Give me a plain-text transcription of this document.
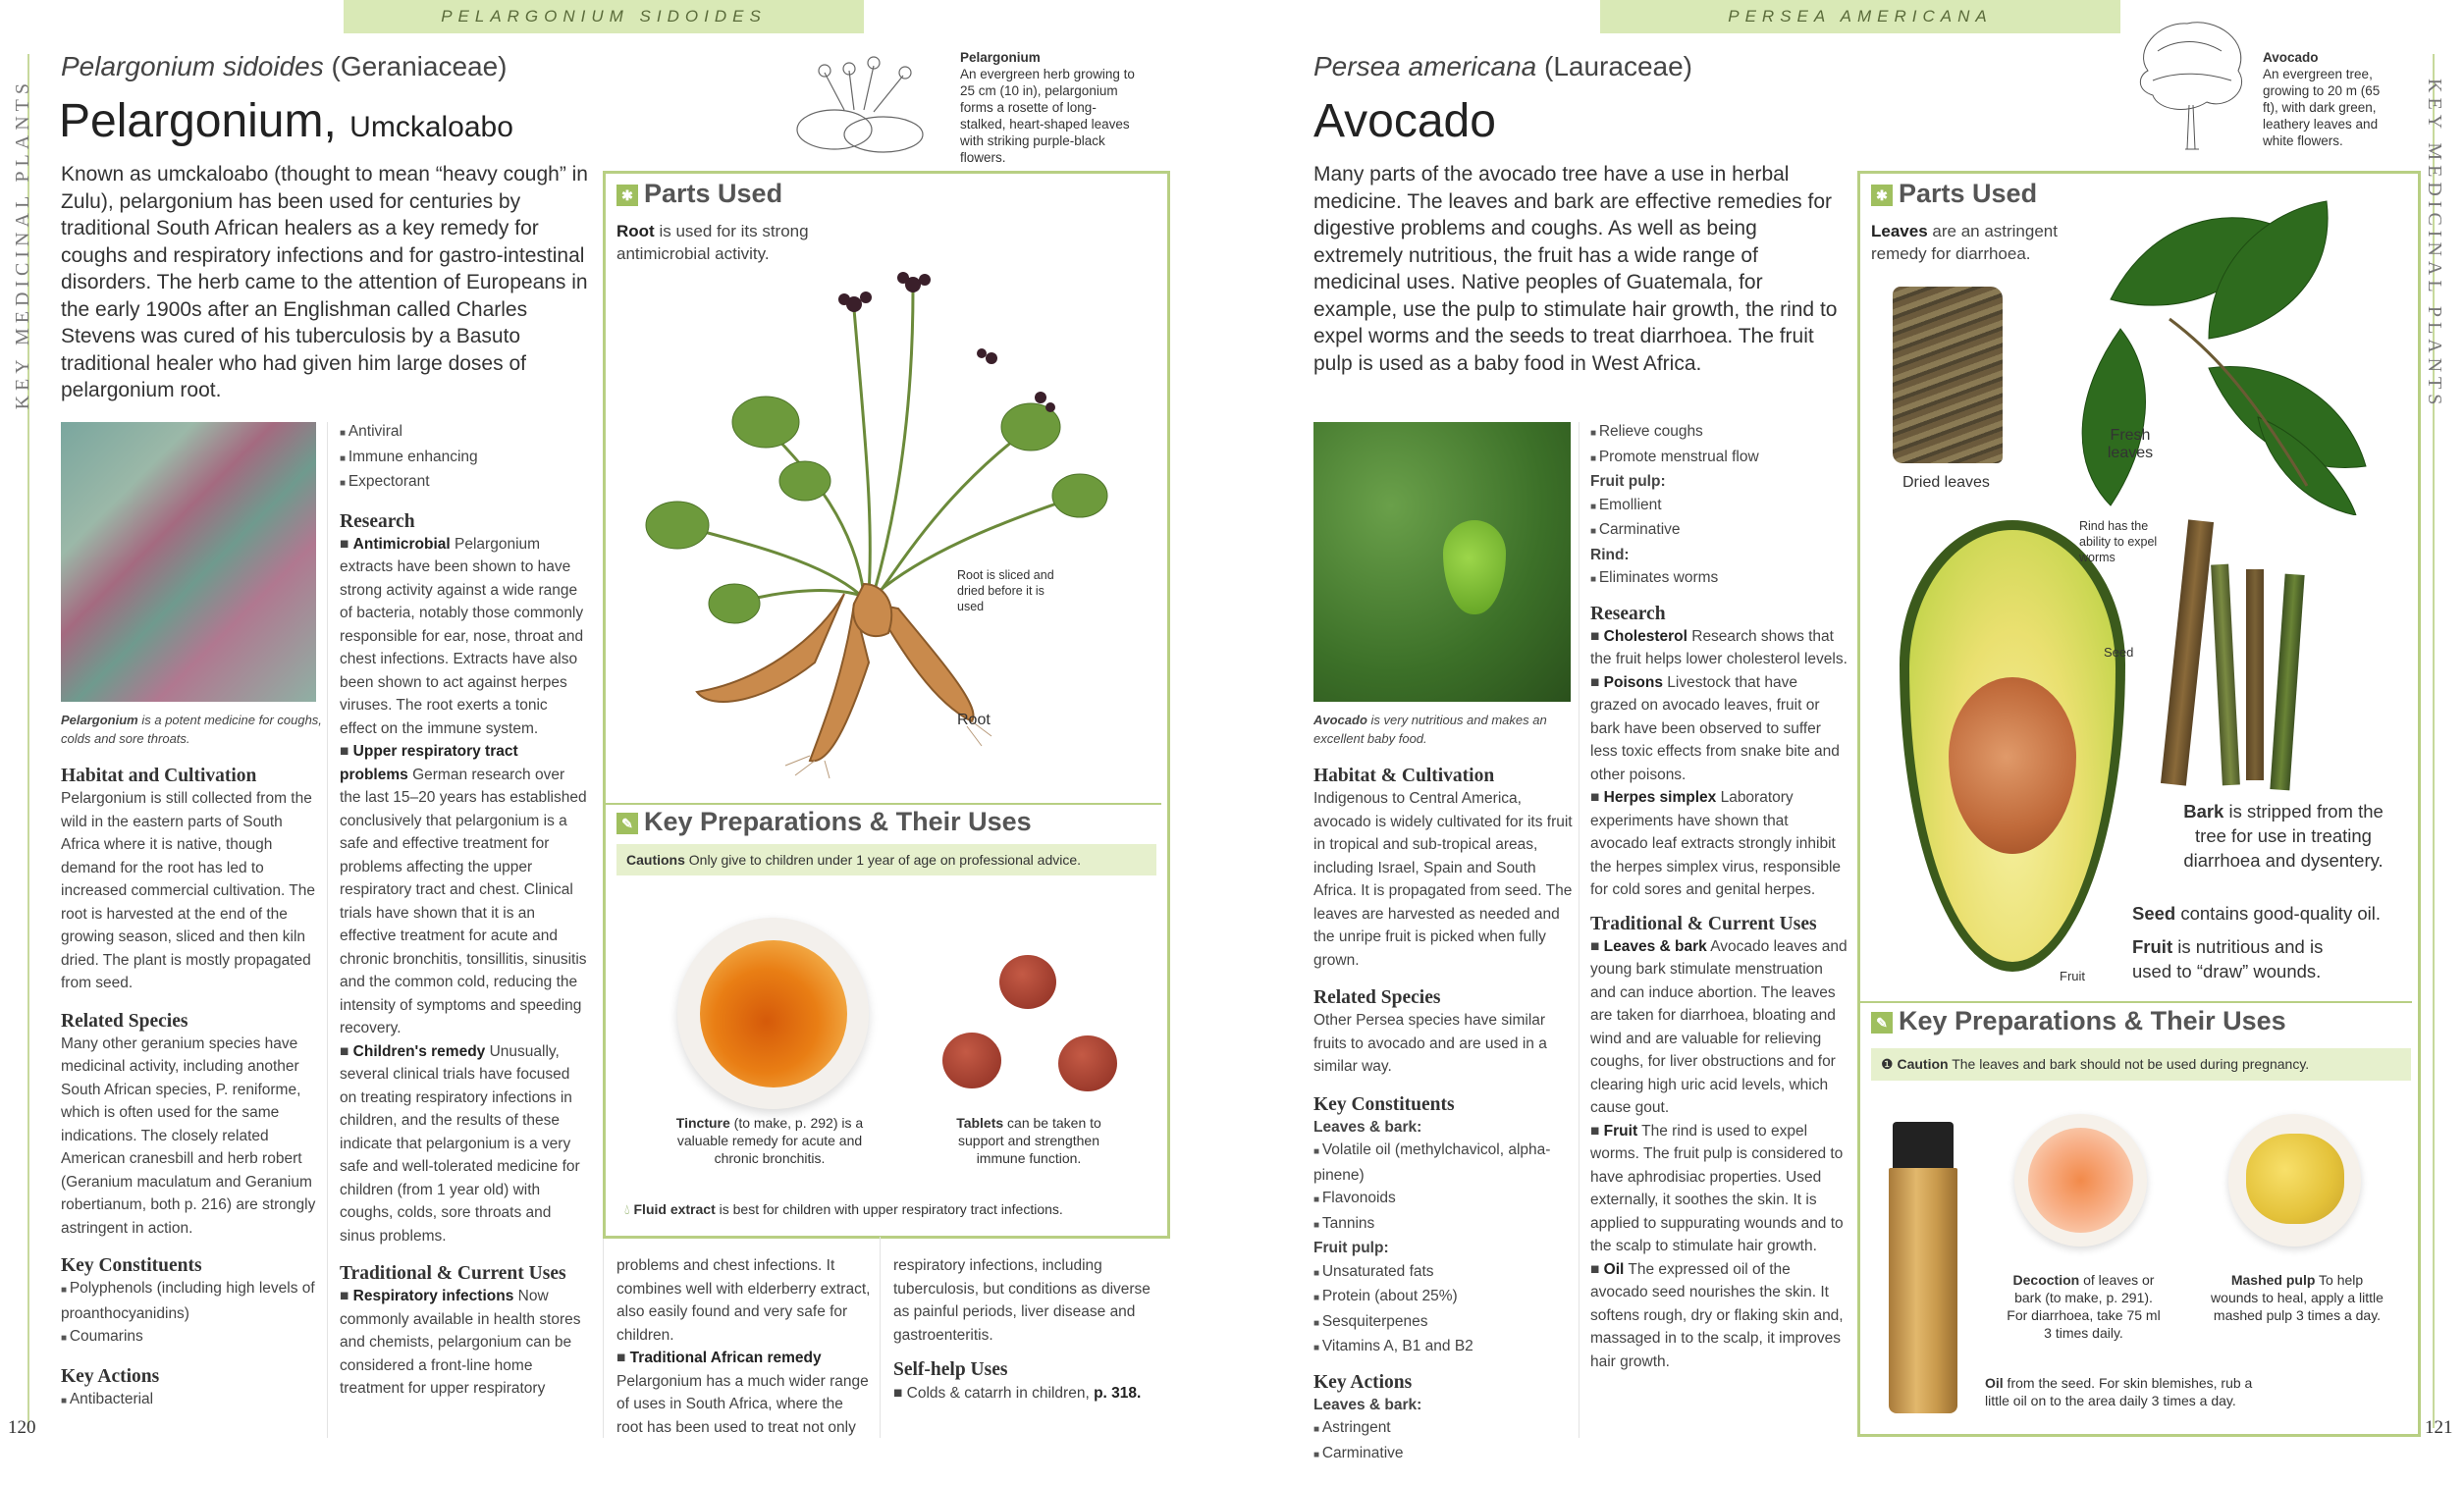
PELARGONIUM SIDOIDES
KEY MEDICINAL PLANTS
Pelargonium sidoides (Geraniaceae)
Pelargonium, Umckaloabo
Known as umckaloabo (thought to mean “heavy cough” in Zulu), pelargonium has been used for centuries by traditional South African healers as a key remedy for coughs and respiratory infections and for gastro-intestinal disorders. The herb came to the attention of Europeans in the early 1900s after an Englishman called Charles Stevens was cured of his tuberculosis by a Basuto traditional healer who had given him large doses of pelargonium root.
Pelargonium
An evergreen herb growing to 25 cm (10 in), pelargonium forms a rosette of long-stalked, heart-shaped leaves with striking purple-black flowers.
Pelargonium is a potent medicine for coughs, colds and sore throats.
Habitat and Cultivation
Pelargonium is still collected from the wild in the eastern parts of South Africa where it is native, though demand for the root has led to increased commercial cultivation. The root is harvested at the end of the growing season, sliced and then kiln dried. The plant is mostly propagated from seed.
Related Species
Many other geranium species have medicinal activity, including another South African species, P. reniforme, which is often used for the same indications. The closely related American cranesbill and herb robert (Geranium maculatum and Geranium robertianum, both p. 216) are strongly astringent in action.
Key Constituents
■ Polyphenols (including high levels of proanthocyanidins)
■ Coumarins
Key Actions
■ Antibacterial
■ Antiviral
■ Immune enhancing
■ Expectorant
Research
■ Antimicrobial Pelargonium extracts have been shown to have strong activity against a wide range of bacteria, notably those commonly responsible for ear, nose, throat and chest infections. Extracts have also been shown to act against herpes viruses. The root exerts a tonic effect on the immune system.
■ Upper respiratory tract problems German research over the last 15–20 years has established conclusively that pelargonium is a safe and effective treatment for problems affecting the upper respiratory tract and chest. Clinical trials have shown that it is an effective treatment for acute and chronic bronchitis, tonsillitis, sinusitis and the common cold, reducing the intensity of symptoms and speeding recovery.
■ Children's remedy Unusually, several clinical trials have focused on treating respiratory infections in children, and the results of these indicate that pelargonium is a very safe and well-tolerated medicine for children (from 1 year old) with coughs, colds, sore throats and sinus problems.
Traditional & Current Uses
■ Respiratory infections Now commonly available in health stores and chemists, pelargonium can be considered a front-line home treatment for upper respiratory
✱ Parts Used
Root is used for its strong antimicrobial activity.
Root is sliced and dried before it is used
Root
✎ Key Preparations & Their Uses
Cautions Only give to children under 1 year of age on professional advice.
Tincture (to make, p. 292) is a valuable remedy for acute and chronic bronchitis.
Tablets can be taken to support and strengthen immune function.
💧︎ Fluid extract is best for children with upper respiratory tract infections.
problems and chest infections. It combines well with elderberry extract, also easily found and very safe for children.
■ Traditional African remedy Pelargonium has a much wider range of uses in South Africa, where the root has been used to treat not only
respiratory infections, including tuberculosis, but conditions as diverse as painful periods, liver disease and gastroenteritis.
Self-help Uses
■ Colds & catarrh in children, p. 318.
120
PERSEA AMERICANA
KEY MEDICINAL PLANTS
Persea americana (Lauraceae)
Avocado
Many parts of the avocado tree have a use in herbal medicine. The leaves and bark are effective remedies for digestive problems and coughs. As well as being extremely nutritious, the fruit has a wide range of medicinal uses. Native peoples of Guatemala, for example, use the pulp to stimulate hair growth, the rind to expel worms and the seeds to treat diarrhoea. The fruit pulp is used as a baby food in West Africa.
Avocado
An evergreen tree, growing to 20 m (65 ft), with dark green, leathery leaves and white flowers.
Avocado is very nutritious and makes an excellent baby food.
Habitat & Cultivation
Indigenous to Central America, avocado is widely cultivated for its fruit in tropical and sub-tropical areas, including Israel, Spain and South Africa. It is propagated from seed. The leaves are harvested as needed and the unripe fruit is picked when fully grown.
Related Species
Other Persea species have similar fruits to avocado and are used in a similar way.
Key Constituents
Leaves & bark:
■ Volatile oil (methylchavicol, alpha-pinene)
■ Flavonoids
■ Tannins
Fruit pulp:
■ Unsaturated fats
■ Protein (about 25%)
■ Sesquiterpenes
■ Vitamins A, B1 and B2
Key Actions
Leaves & bark:
■ Astringent
■ Carminative
■ Relieve coughs
■ Promote menstrual flow
Fruit pulp:
■ Emollient
■ Carminative
Rind:
■ Eliminates worms
Research
■ Cholesterol Research shows that the fruit helps lower cholesterol levels.
■ Poisons Livestock that have grazed on avocado leaves, fruit or bark have been observed to suffer less toxic effects from snake bite and other poisons.
■ Herpes simplex Laboratory experiments have shown that avocado leaf extracts strongly inhibit the herpes simplex virus, responsible for cold sores and genital herpes.
Traditional & Current Uses
■ Leaves & bark Avocado leaves and young bark stimulate menstruation and can induce abortion. The leaves are taken for diarrhoea, bloating and wind and are valuable for relieving coughs, for liver obstructions and for clearing high uric acid levels, which cause gout.
■ Fruit The rind is used to expel worms. The fruit pulp is considered to have aphrodisiac properties. Used externally, it soothes the skin. It is applied to suppurating wounds and to the scalp to stimulate hair growth.
■ Oil The expressed oil of the avocado seed nourishes the skin. It softens rough, dry or flaking skin and, massaged in to the scalp, it improves hair growth.
✱ Parts Used
Leaves are an astringent remedy for diarrhoea.
Dried leaves
Fresh leaves
Rind has the ability to expel worms
Seed
Fruit
Bark is stripped from the tree for use in treating diarrhoea and dysentery.
Seed contains good-quality oil.
Fruit is nutritious and is used to “draw” wounds.
✎ Key Preparations & Their Uses
❶ Caution The leaves and bark should not be used during pregnancy.
Decoction of leaves or bark (to make, p. 291). For diarrhoea, take 75 ml 3 times daily.
Mashed pulp To help wounds to heal, apply a little mashed pulp 3 times a day.
Oil from the seed. For skin blemishes, rub a little oil on to the area daily 3 times a day.
121
